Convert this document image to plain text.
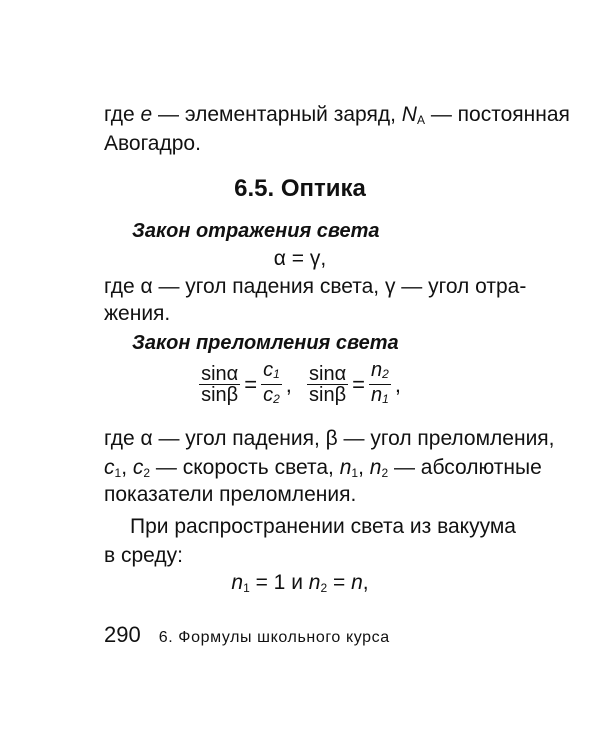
где e — элементарный заряд, $N_А$ — постоянная
Авогадро.
6.5. Оптика
Закон отражения света
α = γ,
где α — угол падения света, γ — угол отра-
жения.
Закон преломления света
$\frac{\sin\alpha}{\sin\beta} = \frac{c_1}{c_2}$ , $\frac{\sin\alpha}{\sin\beta} = \frac{n_2}{n_1}$ ,
где α — угол падения, β — угол преломления,
$c_1$, $c_2$ — скорость света, $n_1$, $n_2$ — абсолютные
показатели преломления.
При распространении света из вакуума
в среду:
$n_1 = 1$ и $n_2 = n$,
290 6. Формулы школьного курса
